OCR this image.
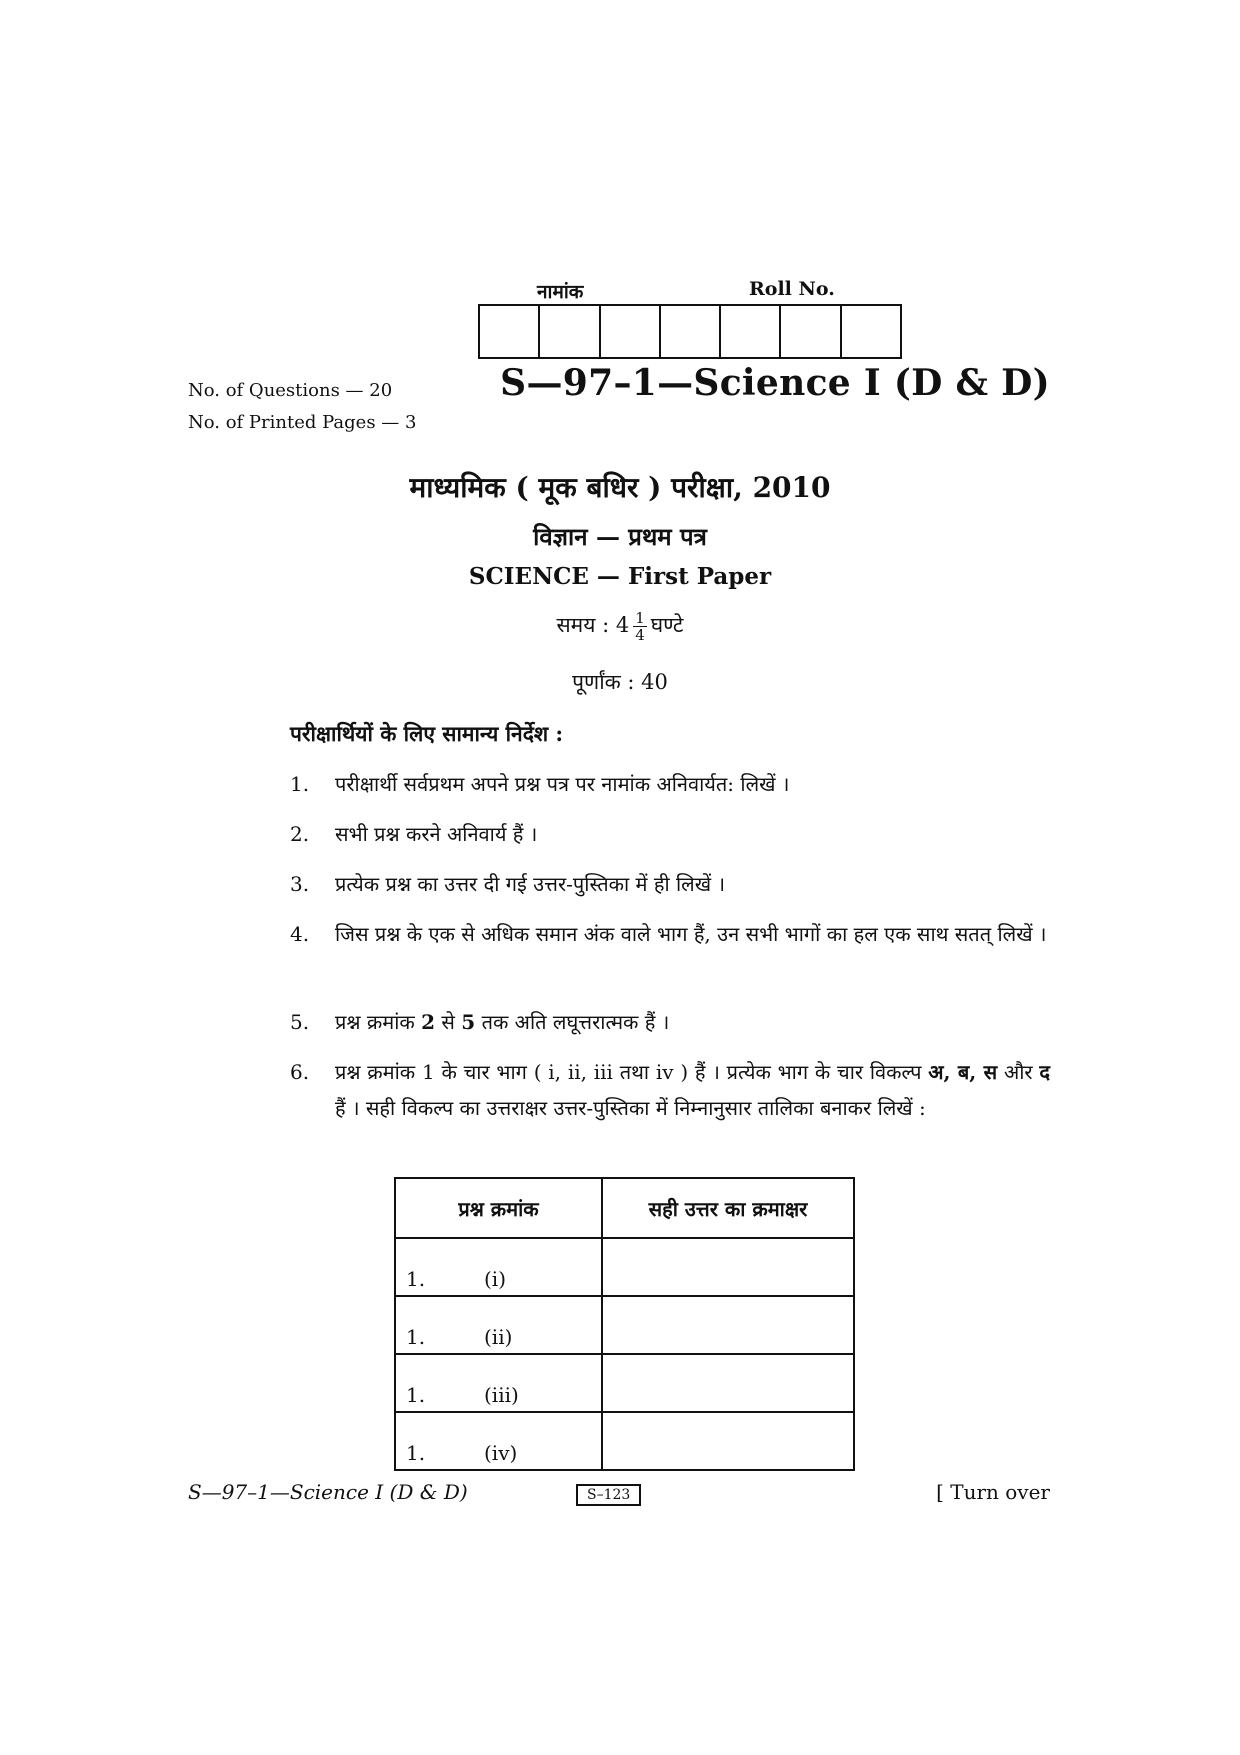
नामांक	Roll No.
No. of Questions — 20
No. of Printed Pages — 3
S—97–1—Science I (D & D)
माध्यमिक ( मूक बधिर ) परीक्षा, 2010
विज्ञान — प्रथम पत्र
SCIENCE — First Paper
समय : $4 \frac{1}{4}$ घण्टे
पूर्णांक : 40
परीक्षार्थियों के लिए सामान्य निर्देश :
1.	परीक्षार्थी सर्वप्रथम अपने प्रश्न पत्र पर नामांक अनिवार्यत: लिखें ।
2.	सभी प्रश्न करने अनिवार्य हैं ।
3.	प्रत्येक प्रश्न का उत्तर दी गई उत्तर-पुस्तिका में ही लिखें ।
4.	जिस प्रश्न के एक से अधिक समान अंक वाले भाग हैं, उन सभी भागों का हल एक साथ सतत् लिखें ।
5.	प्रश्न क्रमांक 2 से 5 तक अति लघूत्तरात्मक हैं ।
6.	प्रश्न क्रमांक 1 के चार भाग ( i, ii, iii तथा iv ) हैं । प्रत्येक भाग के चार विकल्प अ, ब, स और द हैं । सही विकल्प का उत्तराक्षर उत्तर-पुस्तिका में निम्नानुसार तालिका बनाकर लिखें :
प्रश्न क्रमांक	सही उत्तर का क्रमाक्षर
1. (i)	
1. (ii)	
1. (iii)	
1. (iv)	
S—97–1—Science I (D & D)	S–123	[ Turn over
